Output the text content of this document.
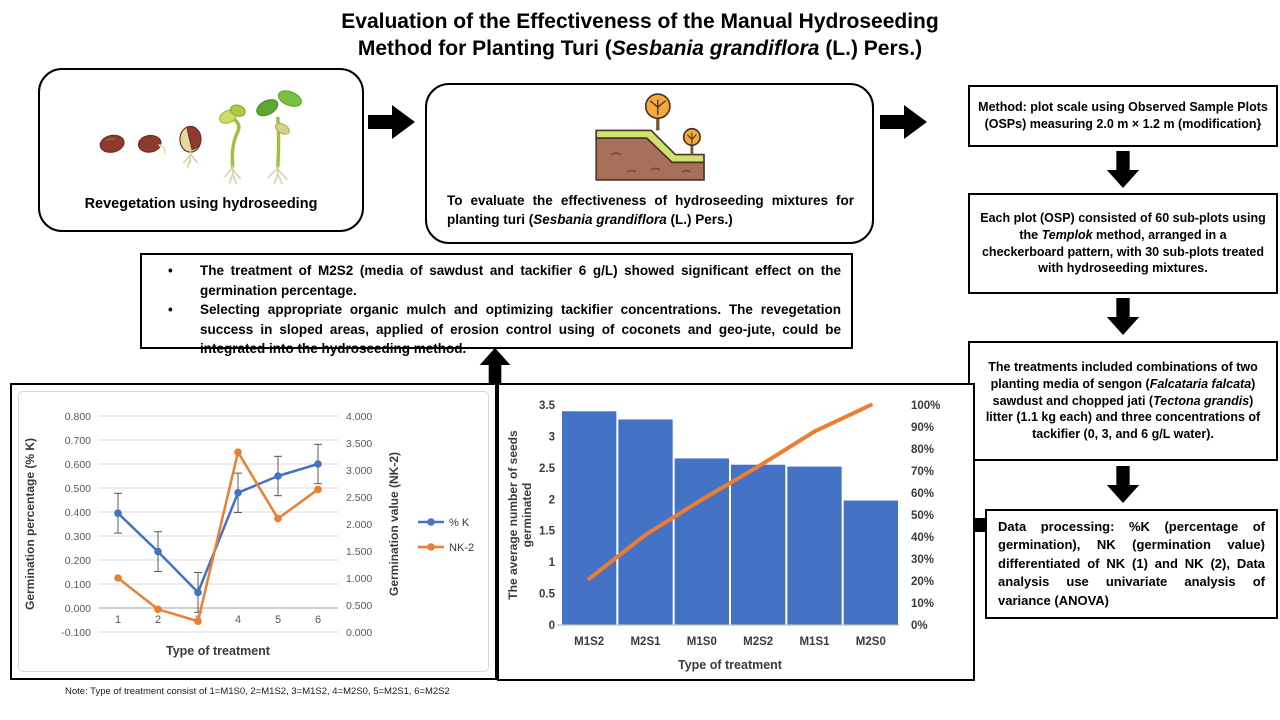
Evaluation of the Effectiveness of the Manual Hydroseeding
Method for Planting Turi (Sesbania grandiflora (L.) Pers.)
Revegetation using hydroseeding	To evaluate the effectiveness of hydroseeding mixtures for planting turi (Sesbania grandiflora (L.) Pers.)
Method: plot scale using Observed Sample Plots (OSPs) measuring 2.0 m × 1.2 m (modification}
Each plot (OSP) consisted of 60 sub-plots using the Templok method, arranged in a checkerboard pattern, with 30 sub-plots treated with hydroseeding mixtures.
The treatments included combinations of two planting media of sengon (Falcataria falcata) sawdust and chopped jati (Tectona grandis) litter (1.1 kg each) and three concentrations of tackifier (0, 3, and 6 g/L water).
Data processing: %K (percentage of germination), NK (germination value) differentiated of NK (1) and NK (2), Data analysis use univariate analysis of variance (ANOVA)
• The treatment of M2S2 (media of sawdust and tackifier 6 g/L) showed significant effect on the germination percentage.
• Selecting appropriate organic mulch and optimizing tackifier concentrations. The revegetation success in sloped areas, applied of erosion control using of coconets and geo-jute, could be integrated into the hydroseeding method.
0.800
0.700
0.600
0.500
0.400
0.300
0.200
0.100
0.000
-0.100
4.000
3.500
3.000
2.500
2.000
1.500
1.000
0.500
0.000
1	2	4	5	6
Type of treatment
Germination percentage (% K)	Germination value (NK-2)	% K
NK-2
3.5
3
2.5
2
1.5
1
0.5
0
100%
90%
80%
70%
60%
50%
40%
30%
20%
10%
0%
M1S2 M2S1 M1S0 M2S2 M1S1 M2S0
Type of treatment
The average number of seeds germinated
Note: Type of treatment consist of 1=M1S0, 2=M1S2, 3=M1S2, 4=M2S0, 5=M2S1, 6=M2S2
